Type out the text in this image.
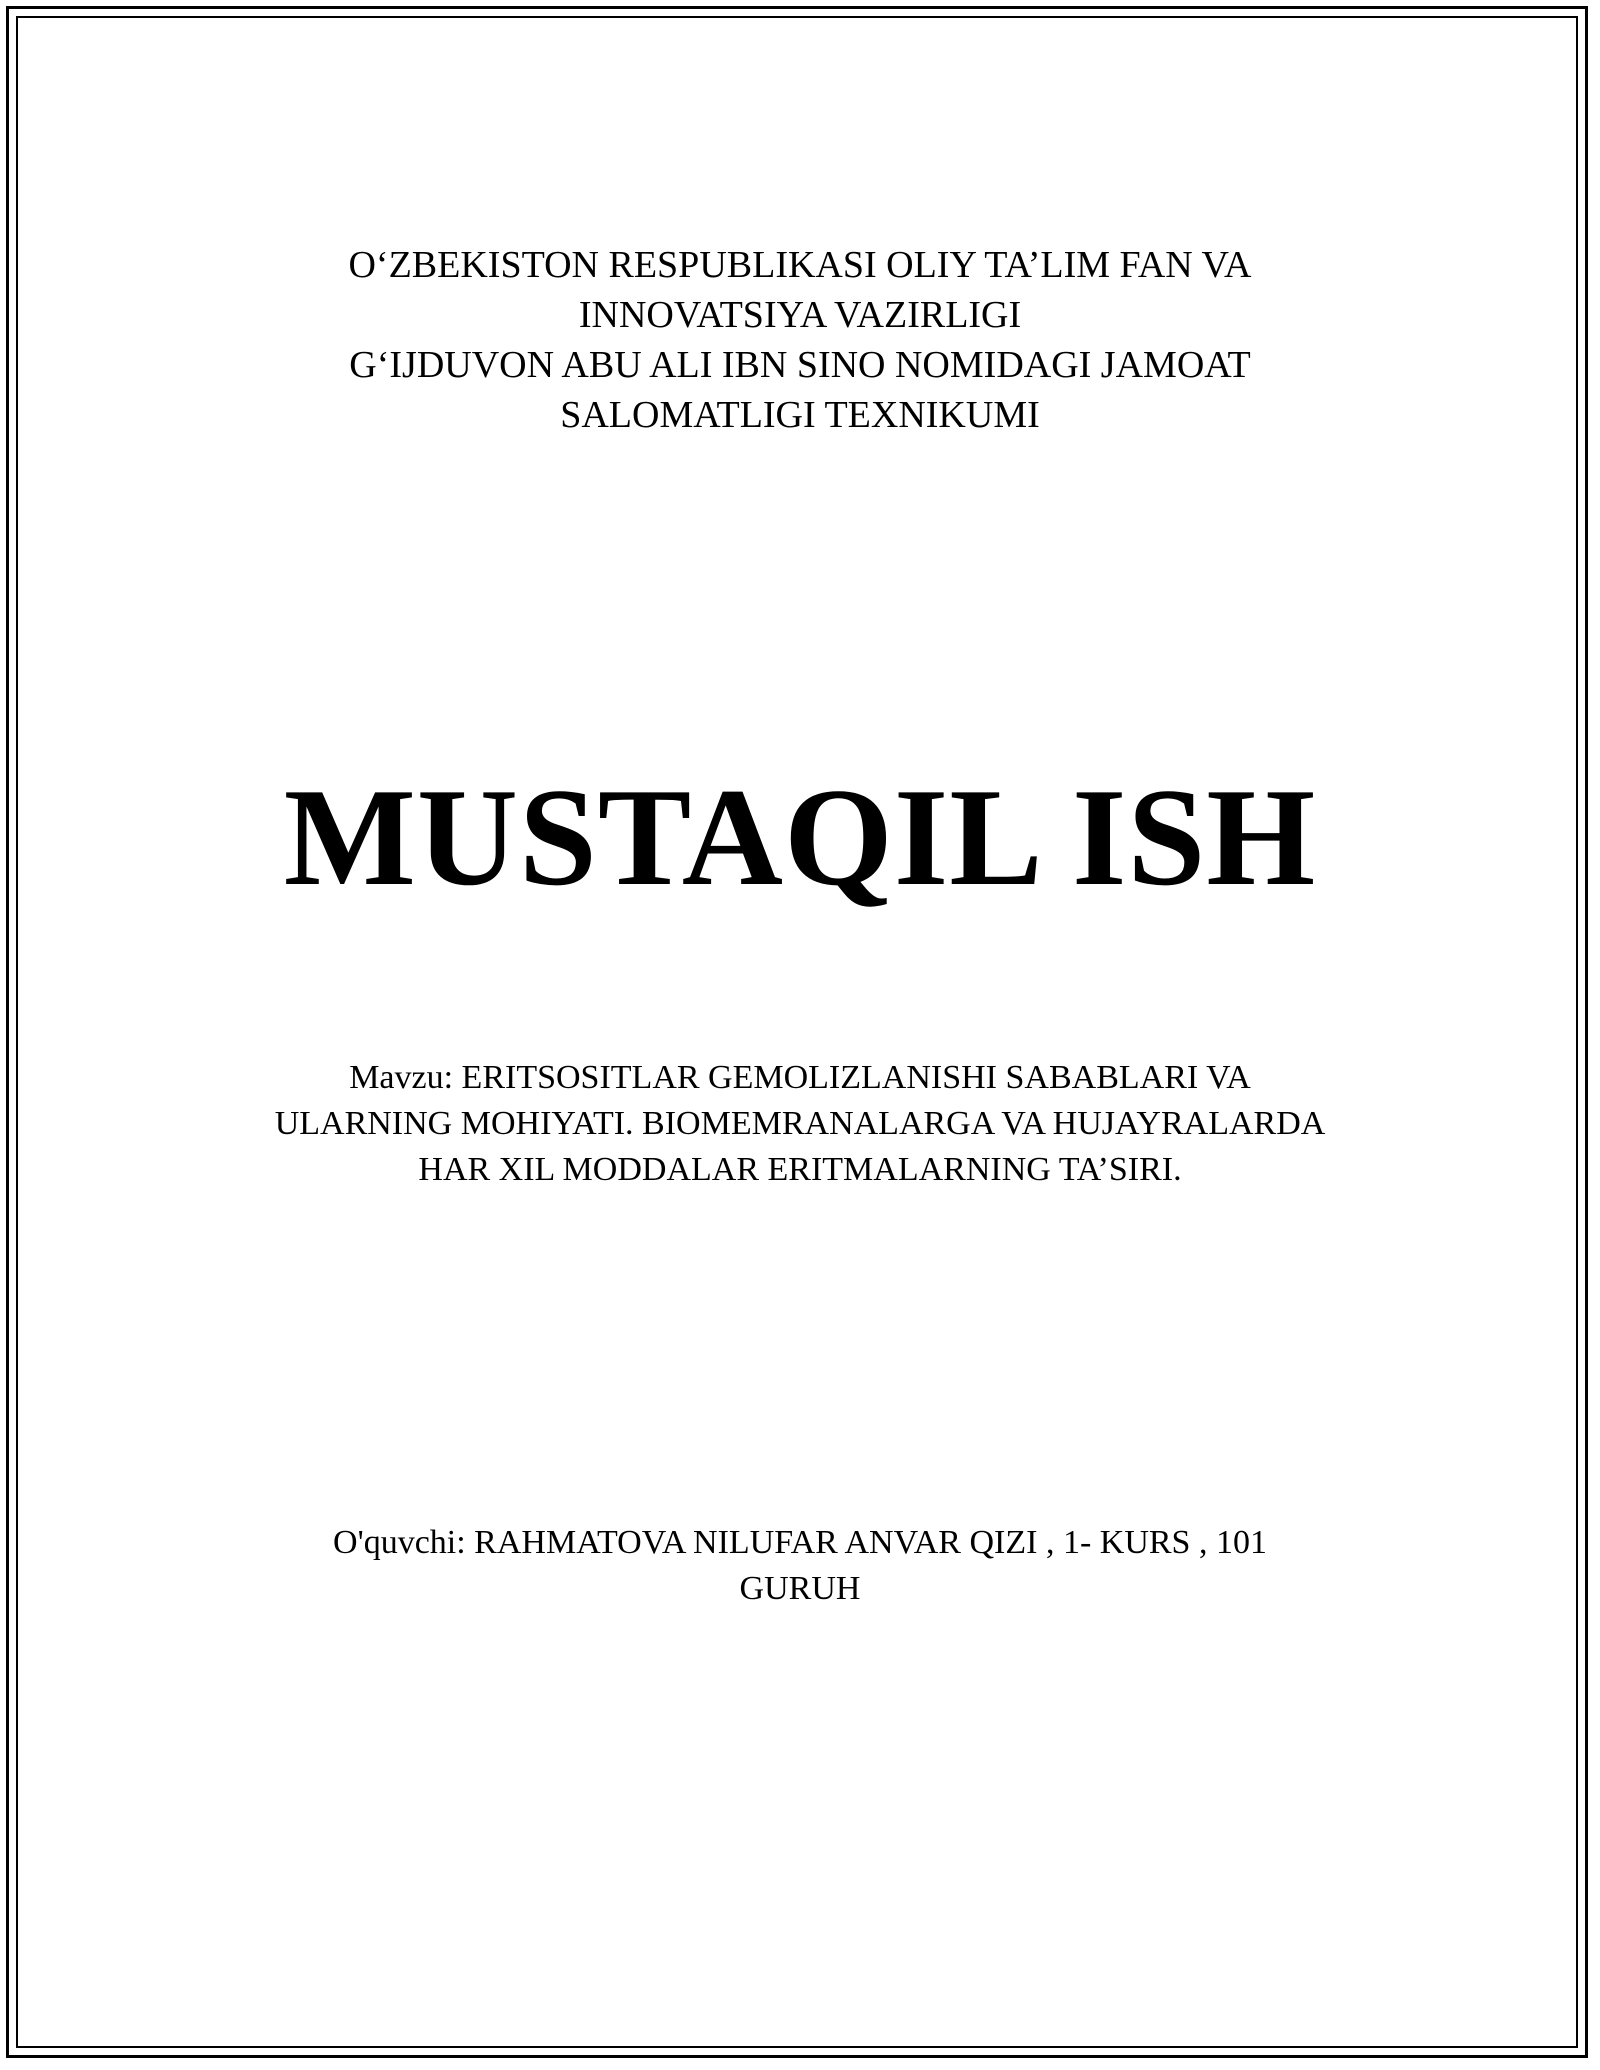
O‘ZBEKISTON RESPUBLIKASI OLIY TA’LIM FAN VA
INNOVATSIYA VAZIRLIGI
G‘IJDUVON ABU ALI IBN SINO NOMIDAGI JAMOAT
SALOMATLIGI TEXNIKUMI
MUSTAQIL ISH
Mavzu: ERITSOSITLAR GEMOLIZLANISHI SABABLARI VA ULARNING MOHIYATI. BIOMEMRANALARGA VA HUJAYRALARDA HAR XIL MODDALAR ERITMALARNING TA’SIRI.
O'quvchi: RAHMATOVA NILUFAR ANVAR QIZI , 1- KURS , 101 GURUH
